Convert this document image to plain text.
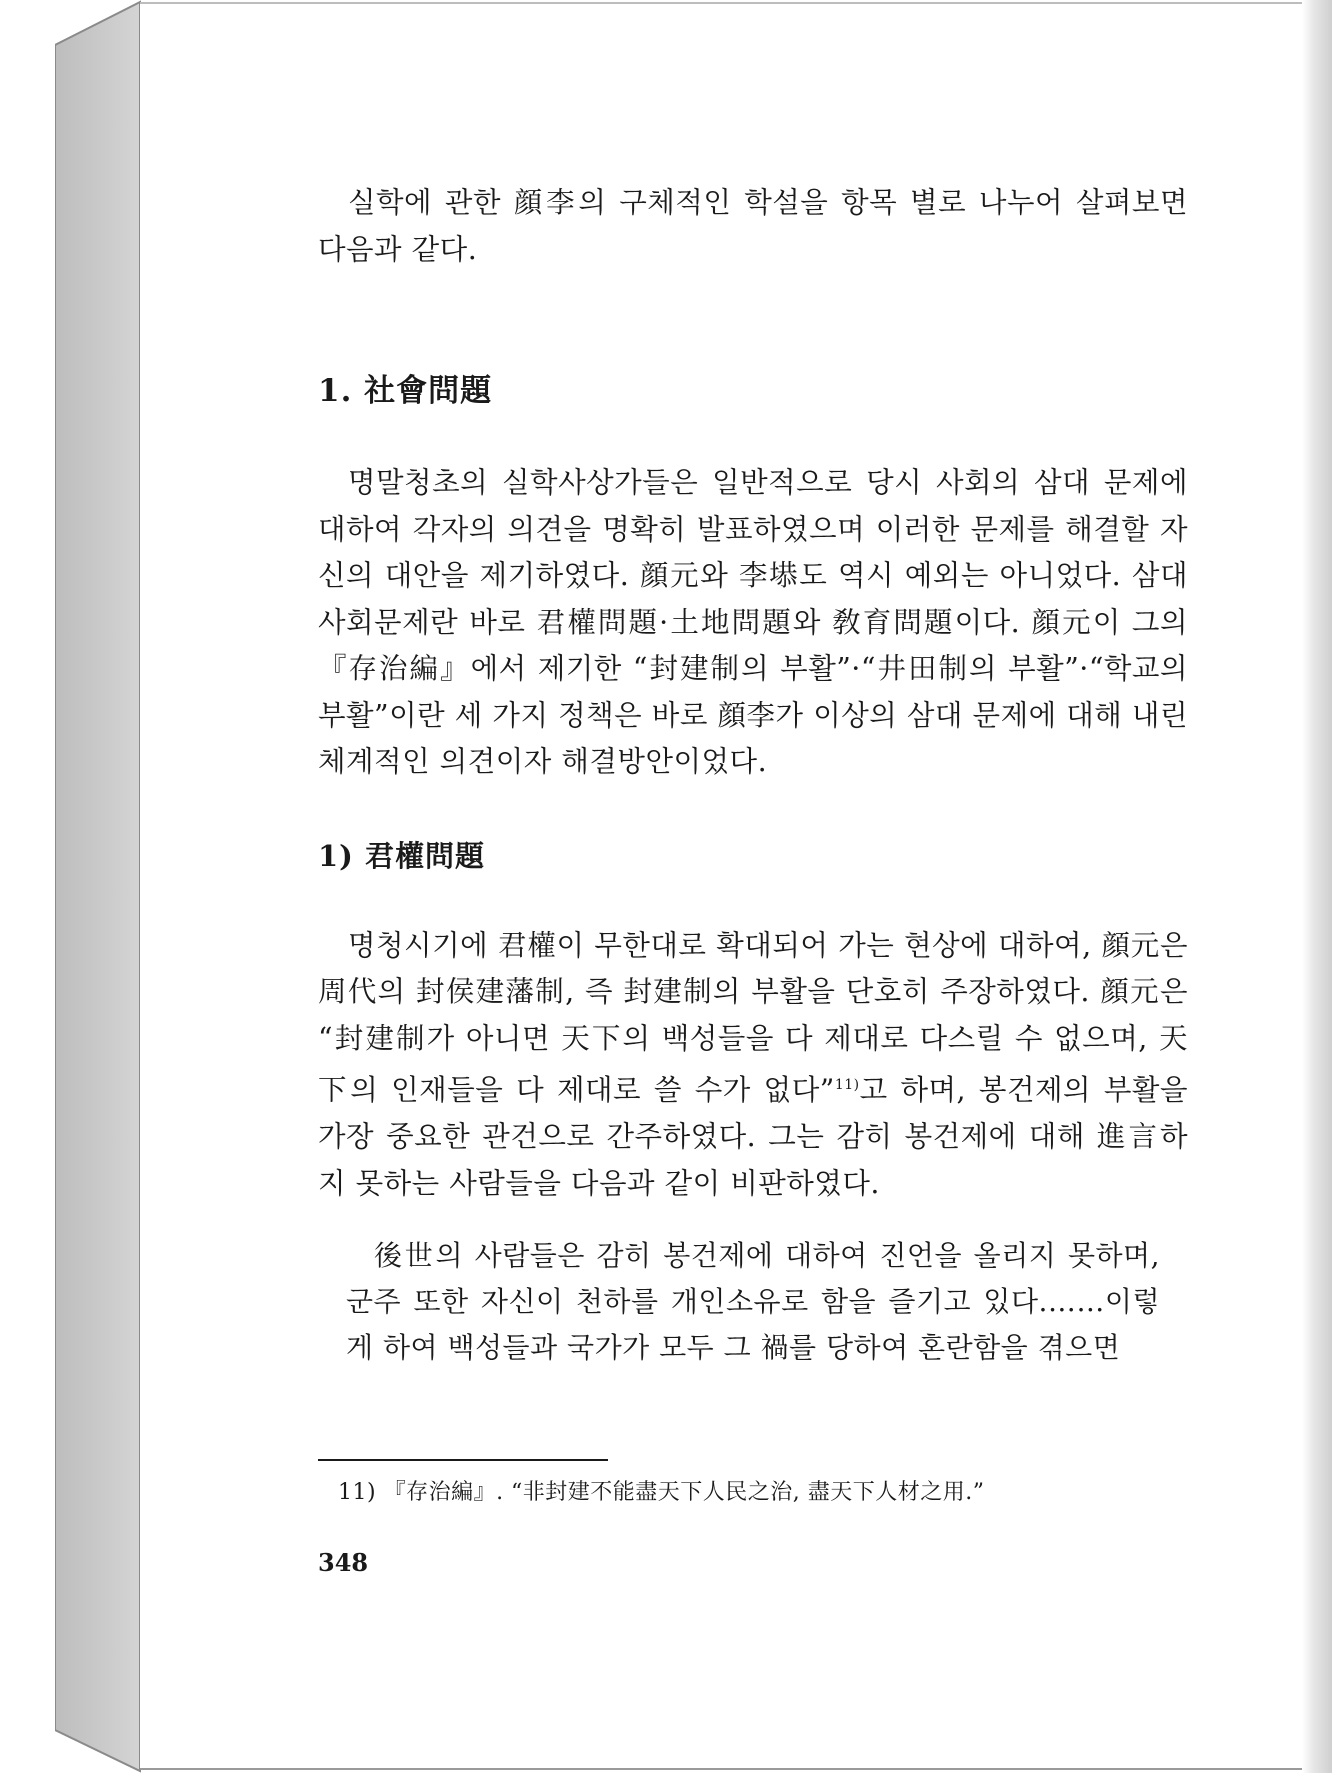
실학에 관한 顔李의 구체적인 학설을 항목 별로 나누어 살펴보면 다음과 같다.

1. 社會問題

명말청초의 실학사상가들은 일반적으로 당시 사회의 삼대 문제에 대하여 각자의 의견을 명확히 발표하였으며 이러한 문제를 해결할 자신의 대안을 제기하였다. 顔元와 李塨도 역시 예외는 아니었다. 삼대 사회문제란 바로 君權問題·土地問題와 敎育問題이다. 顔元이 그의 『存治編』에서 제기한 “封建制의 부활”·“井田制의 부활”·“학교의 부활”이란 세 가지 정책은 바로 顔李가 이상의 삼대 문제에 대해 내린 체계적인 의견이자 해결방안이었다.

1) 君權問題

명청시기에 君權이 무한대로 확대되어 가는 현상에 대하여, 顔元은 周代의 封侯建藩制, 즉 封建制의 부활을 단호히 주장하였다. 顔元은 “封建制가 아니면 天下의 백성들을 다 제대로 다스릴 수 없으며, 天下의 인재들을 다 제대로 쓸 수가 없다”$^{11)}$고 하며, 봉건제의 부활을 가장 중요한 관건으로 간주하였다. 그는 감히 봉건제에 대해 進言하지 못하는 사람들을 다음과 같이 비판하였다.

後世의 사람들은 감히 봉건제에 대하여 진언을 올리지 못하며, 군주 또한 자신이 천하를 개인소유로 함을 즐기고 있다.……이렇게 하여 백성들과 국가가 모두 그 禍를 당하여 혼란함을 겪으면

11) 『存治編』. “非封建不能盡天下人民之治, 盡天下人材之用.”
348
